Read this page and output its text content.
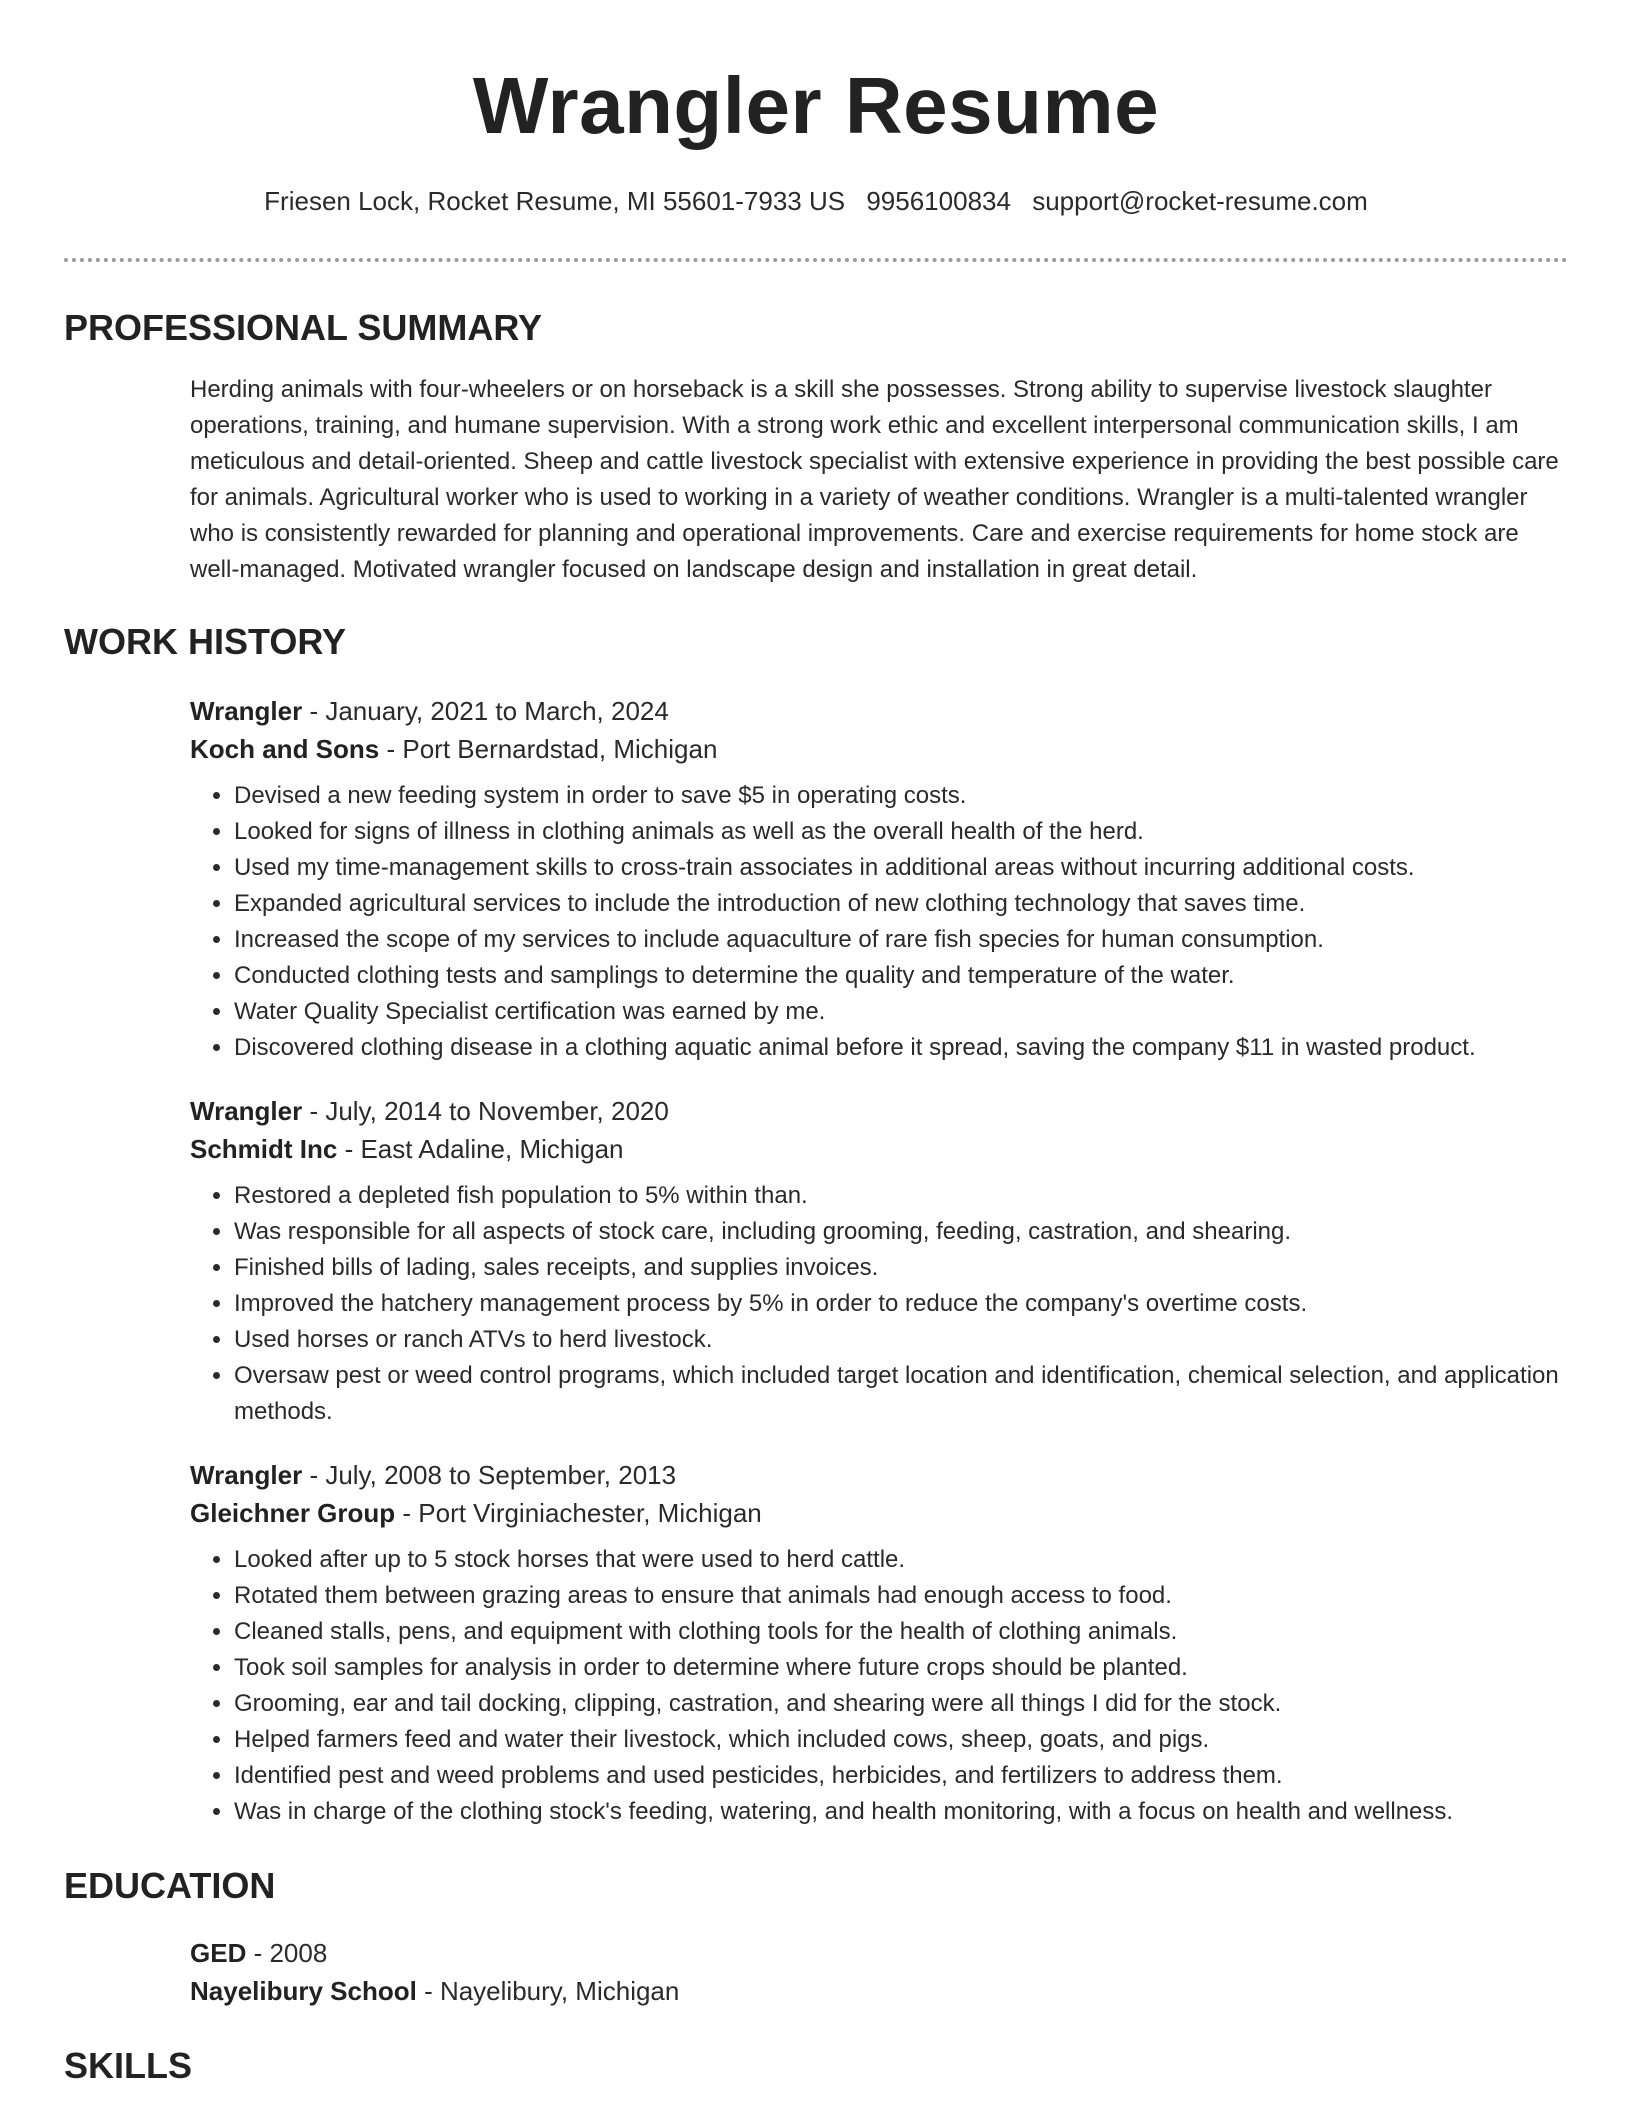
Wrangler Resume
Friesen Lock, Rocket Resume, MI 55601-7933 US 9956100834 support@rocket-resume.com
PROFESSIONAL SUMMARY

Herding animals with four-wheelers or on horseback is a skill she possesses. Strong ability to supervise livestock slaughter operations, training, and humane supervision. With a strong work ethic and excellent interpersonal communication skills, I am meticulous and detail-oriented. Sheep and cattle livestock specialist with extensive experience in providing the best possible care for animals. Agricultural worker who is used to working in a variety of weather conditions. Wrangler is a multi-talented wrangler who is consistently rewarded for planning and operational improvements. Care and exercise requirements for home stock are well-managed. Motivated wrangler focused on landscape design and installation in great detail.

WORK HISTORY
Wrangler - January, 2021 to March, 2024
Koch and Sons - Port Bernardstad, Michigan
• Devised a new feeding system in order to save $5 in operating costs.
• Looked for signs of illness in clothing animals as well as the overall health of the herd.
• Used my time-management skills to cross-train associates in additional areas without incurring additional costs.
• Expanded agricultural services to include the introduction of new clothing technology that saves time.
• Increased the scope of my services to include aquaculture of rare fish species for human consumption.
• Conducted clothing tests and samplings to determine the quality and temperature of the water.
• Water Quality Specialist certification was earned by me.
• Discovered clothing disease in a clothing aquatic animal before it spread, saving the company $11 in wasted product.
Wrangler - July, 2014 to November, 2020
Schmidt Inc - East Adaline, Michigan
• Restored a depleted fish population to 5% within than.
• Was responsible for all aspects of stock care, including grooming, feeding, castration, and shearing.
• Finished bills of lading, sales receipts, and supplies invoices.
• Improved the hatchery management process by 5% in order to reduce the company's overtime costs.
• Used horses or ranch ATVs to herd livestock.
• Oversaw pest or weed control programs, which included target location and identification, chemical selection, and application methods.
Wrangler - July, 2008 to September, 2013
Gleichner Group - Port Virginiachester, Michigan
• Looked after up to 5 stock horses that were used to herd cattle.
• Rotated them between grazing areas to ensure that animals had enough access to food.
• Cleaned stalls, pens, and equipment with clothing tools for the health of clothing animals.
• Took soil samples for analysis in order to determine where future crops should be planted.
• Grooming, ear and tail docking, clipping, castration, and shearing were all things I did for the stock.
• Helped farmers feed and water their livestock, which included cows, sheep, goats, and pigs.
• Identified pest and weed problems and used pesticides, herbicides, and fertilizers to address them.
• Was in charge of the clothing stock's feeding, watering, and health monitoring, with a focus on health and wellness.
EDUCATION
GED - 2008
Nayelibury School - Nayelibury, Michigan
SKILLS
